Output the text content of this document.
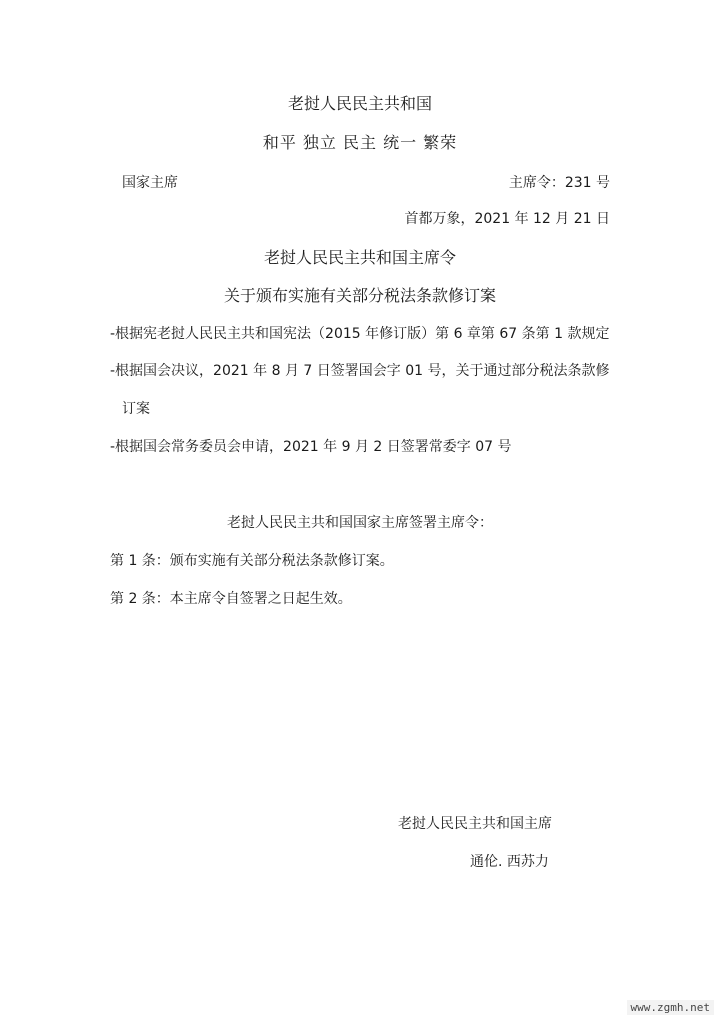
老挝人民民主共和国
和平 独立 民主 统一 繁荣
国家主席	主席令：231 号
首都万象，2021 年 12 月 21 日
老挝人民民主共和国主席令
关于颁布实施有关部分税法条款修订案
-根据宪老挝人民民主共和国宪法（2015 年修订版）第 6 章第 67 条第 1 款规定
-根据国会决议，2021 年 8 月 7 日签署国会字 01 号，关于通过部分税法条款修
订案
-根据国会常务委员会申请，2021 年 9 月 2 日签署常委字 07 号
老挝人民民主共和国国家主席签署主席令：
第 1 条：颁布实施有关部分税法条款修订案。
第 2 条：本主席令自签署之日起生效。
老挝人民民主共和国主席
通伦. 西苏力
www.zgmh.net
